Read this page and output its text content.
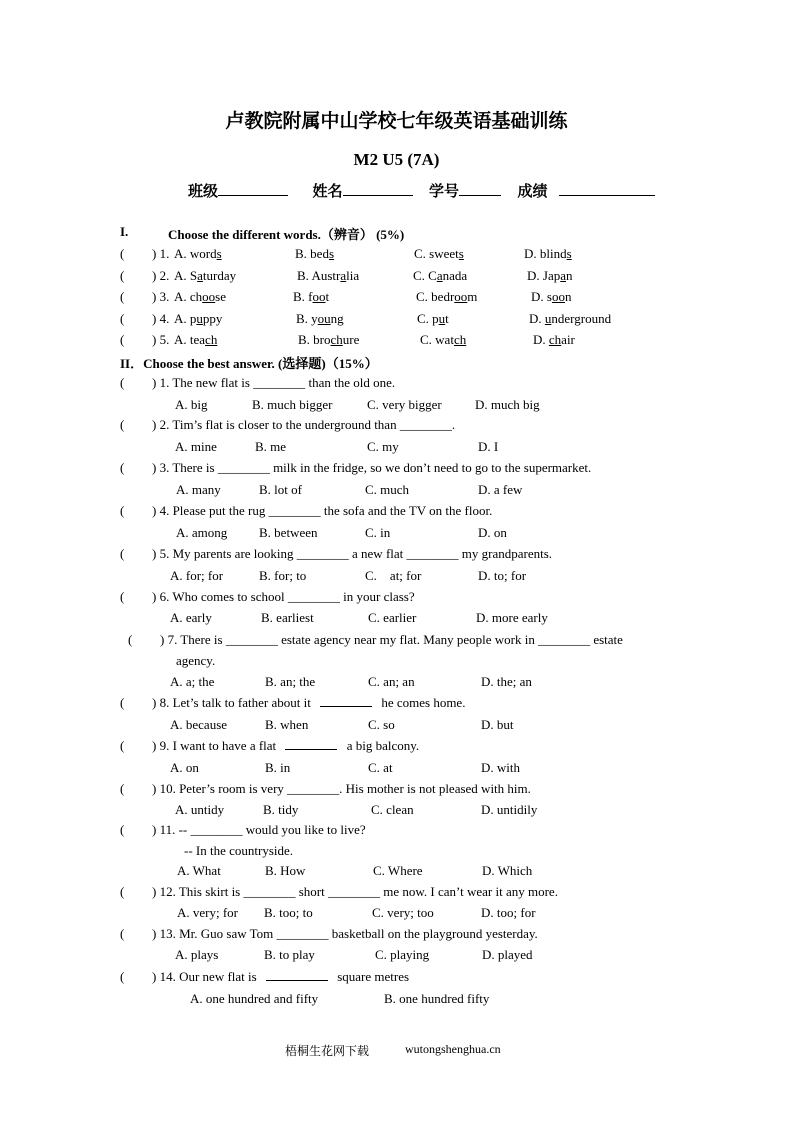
卢教院附属中山学校七年级英语基础训练
M2 U5 (7A)
班级	姓名	学号	成绩
I.	Choose the different words.（辨音） (5%)
( ) 1. A. words	B. beds	C. sweets	D. blinds
( ) 2. A. Saturday	B. Australia	C. Canada	D. Japan
( ) 3. A. choose	B. foot	C. bedroom	D. soon
( ) 4. A. puppy	B. young	C. put	D. underground
( ) 5. A. teach	B. brochure	C. watch	D. chair
II．Choose the best answer. (选择题)（15%）
( ) 1. The new flat is ________ than the old one.
A. big	B. much bigger	C. very bigger	D. much big
( ) 2. Tim’s flat is closer to the underground than ________.
A. mine	B. me	C. my	D. I
( ) 3. There is ________ milk in the fridge, so we don’t need to go to the supermarket.
A. many	B. lot of	C. much	D. a few
( ) 4. Please put the rug ________ the sofa and the TV on the floor.
A. among B. between	C. in	D. on
( ) 5. My parents are looking ________ a new flat ________ my grandparents.
A. for; for	B. for; to	C.    at; for	D. to; for
( ) 6. Who comes to school ________ in your class?
A. early	B. earliest	C. earlier	D. more early
( ) 7. There is ________ estate agency near my flat. Many people work in ________ estate
agency.
A. a; the	B. an; the	C. an; an	D. the; an
( ) 8. Let’s talk to father about it	he comes home.
A. because	B. when	C. so	D. but
( ) 9. I want to have a flat	a big balcony.
A. on	B. in	C. at	D. with
( ) 10. Peter’s room is very ________. His mother is not pleased with him.
A. untidy	B. tidy	C. clean	D. untidily
( ) 11. -- ________ would you like to live?
-- In the countryside.
A. What	B. How	C. Where	D. Which
( ) 12. This skirt is ________ short ________ me now. I can’t wear it any more.
A. very; for B. too; to	C. very; too	D. too; for
( ) 13. Mr. Guo saw Tom ________ basketball on the playground yesterday.
A. plays	B. to play	C. playing	D. played
( ) 14. Our new flat is	square metres
A. one hundred and fifty	B. one hundred fifty
梧桐生花网下载	wutongshenghua.cn
